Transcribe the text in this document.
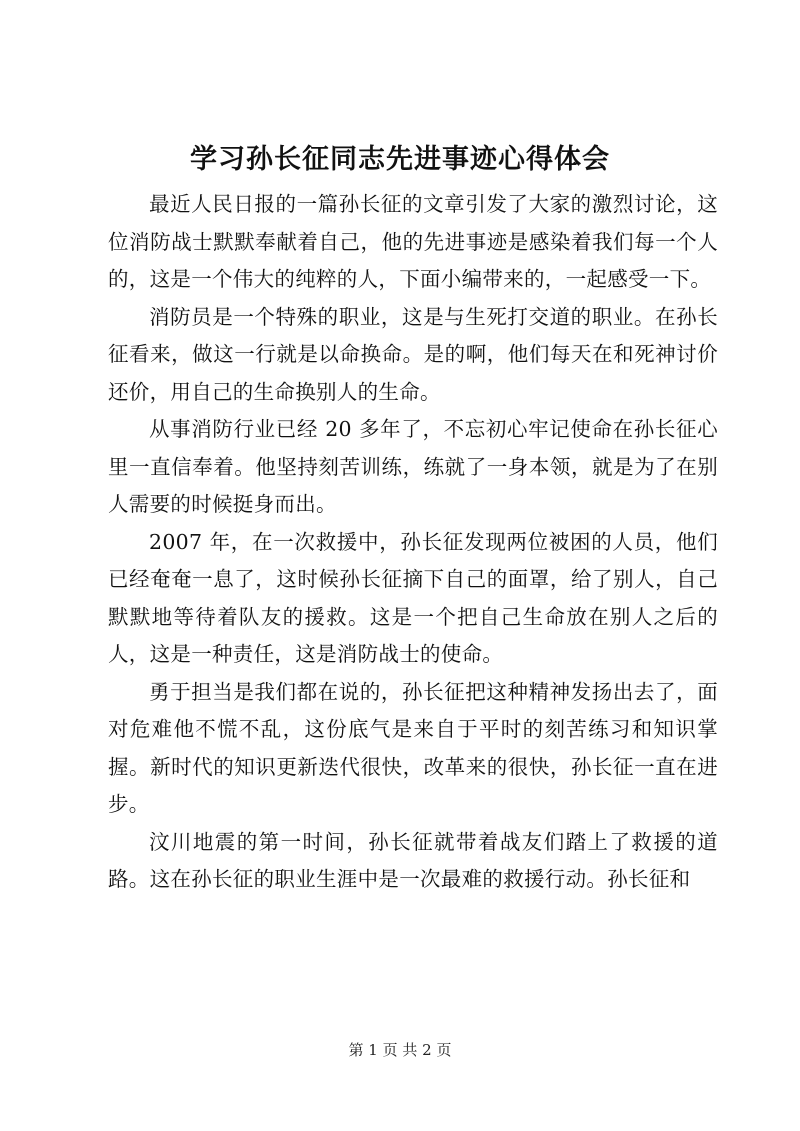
学习孙长征同志先进事迹心得体会

最近人民日报的一篇孙长征的文章引发了大家的激烈讨论，这位消防战士默默奉献着自己，他的先进事迹是感染着我们每一个人的，这是一个伟大的纯粹的人，下面小编带来的，一起感受一下。

消防员是一个特殊的职业，这是与生死打交道的职业。在孙长征看来，做这一行就是以命换命。是的啊，他们每天在和死神讨价还价，用自己的生命换别人的生命。

从事消防行业已经 20 多年了，不忘初心牢记使命在孙长征心里一直信奉着。他坚持刻苦训练，练就了一身本领，就是为了在别人需要的时候挺身而出。

2007 年，在一次救援中，孙长征发现两位被困的人员，他们已经奄奄一息了，这时候孙长征摘下自己的面罩，给了别人，自己默默地等待着队友的援救。这是一个把自己生命放在别人之后的人，这是一种责任，这是消防战士的使命。

勇于担当是我们都在说的，孙长征把这种精神发扬出去了，面对危难他不慌不乱，这份底气是来自于平时的刻苦练习和知识掌握。新时代的知识更新迭代很快，改革来的很快，孙长征一直在进步。

汶川地震的第一时间，孙长征就带着战友们踏上了救援的道路。这在孙长征的职业生涯中是一次最难的救援行动。孙长征和

第 1 页 共 2 页
